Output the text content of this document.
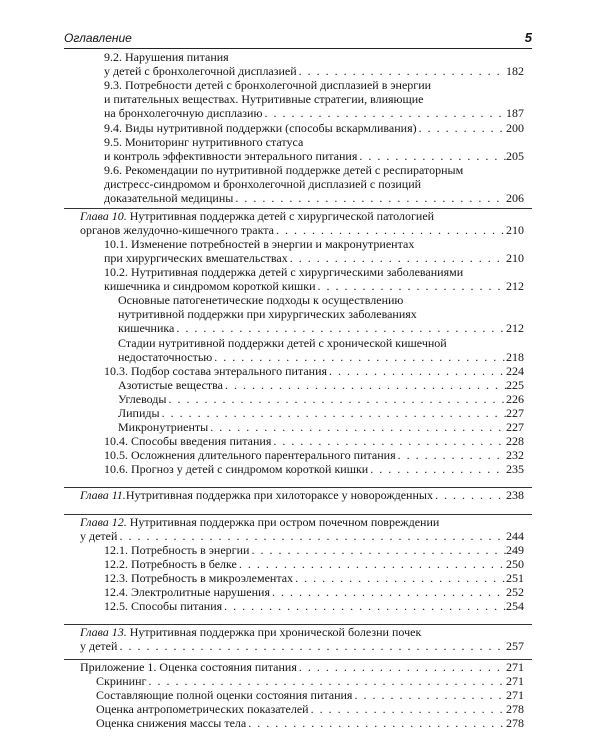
Оглавление	5
9.2. Нарушения питания
у детей с бронхолегочной дисплазией . . .	182
9.3. Потребности детей с бронхолегочной дисплазией в энергии
и питательных веществах. Нутритивные стратегии, влияющие
на бронхолегочную дисплазию . . .	187
9.4. Виды нутритивной поддержки (способы вскармливания) . . .	200
9.5. Мониторинг нутритивного статуса
и контроль эффективности энтерального питания . . .	205
9.6. Рекомендации по нутритивной поддержке детей с респираторным
дистресс-синдромом и бронхолегочной дисплазией с позиций
доказательной медицины . . .	206
Глава 10. Нутритивная поддержка детей с хирургической патологией
органов желудочно-кишечного тракта . . .	210
10.1. Изменение потребностей в энергии и макронутриентах
при хирургических вмешательствах . . .	210
10.2. Нутритивная поддержка детей с хирургическими заболеваниями
кишечника и синдромом короткой кишки . . .	212
Основные патогенетические подходы к осуществлению
нутритивной поддержки при хирургических заболеваниях
кишечника . . .	212
Стадии нутритивной поддержки детей с хронической кишечной
недостаточностью . . .	218
10.3. Подбор состава энтерального питания . . .	224
Азотистые вещества . . .	225
Углеводы . . .	226
Липиды . . .	227
Микронутриенты . . .	227
10.4. Способы введения питания . . .	228
10.5. Осложнения длительного парентерального питания . . .	232
10.6. Прогноз у детей с синдромом короткой кишки . . .	235
Глава 11. Нутритивная поддержка при хилотораксе у новорожденных . . .	238
Глава 12. Нутритивная поддержка при остром почечном повреждении
у детей . . .	244
12.1. Потребность в энергии . . .	249
12.2. Потребность в белке . . .	250
12.3. Потребность в микроэлементах . . .	251
12.4. Электролитные нарушения . . .	252
12.5. Способы питания . . .	254
Глава 13. Нутритивная поддержка при хронической болезни почек
у детей . . .	257
Приложение 1. Оценка состояния питания . . .	271
Скрининг . . .	271
Составляющие полной оценки состояния питания . . .	271
Оценка антропометрических показателей . . .	278
Оценка снижения массы тела . . .	278
